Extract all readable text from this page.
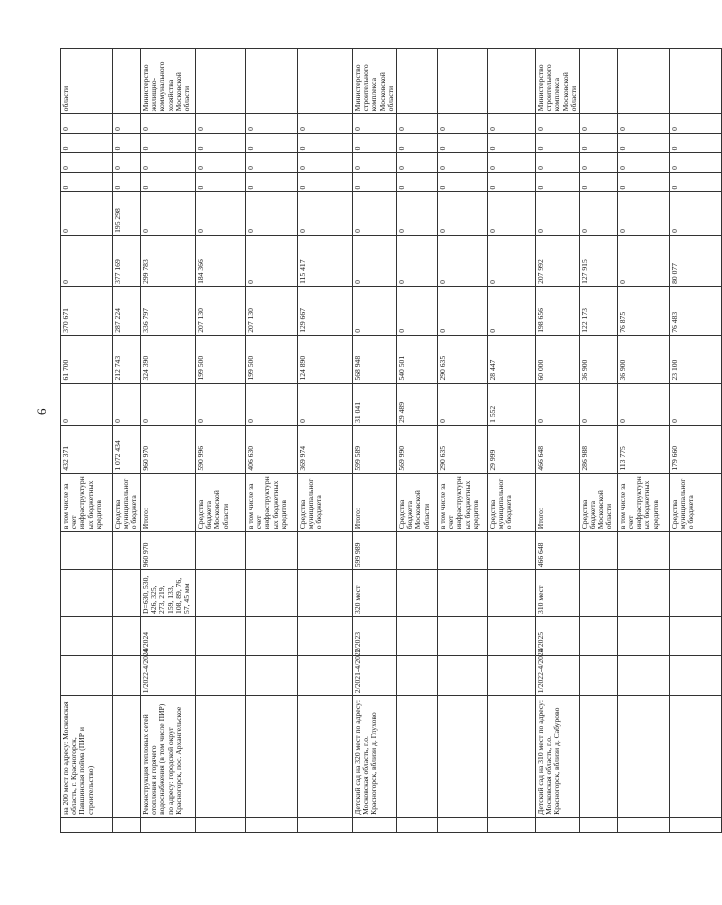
6
	на 200 мест по адресу: Московская область, г. Красногорск, Павшинская пойма (ПИР и строительство)					в том числе за счет инфраструктурных бюджетных кредитов	432 371	0	61 700	370 671	0	0	0	0	0	0	области
						Средства муниципального бюджета	1 072 434	0	212 743	287 224	377 169	195 298	0	0	0	0	
	Реконструкция тепловых сетей отопления и горячего водоснабжения (в том числе ПИР) по адресу: городской округ Красногорск, пос. Архангельское	1/2022-4/2024	4/2024	D=630, 530, 426, 325, 273, 219, 159, 133, 108, 89, 76, 57, 45 мм	960 970	Итого:	960 970	0	324 390	336 797	299 783	0	0	0	0	0	Министерство жилищно-коммунального хозяйства Московской области
						Средства бюджета Московской области	590 996	0	199 500	207 130	184 366	0	0	0	0	0	
						в том числе за счет инфраструктурных бюджетных кредитов	406 630	0	199 500	207 130	0	0	0	0	0	0	
						Средства муниципального бюджета	369 974	0	124 890	129 667	115 417	0	0	0	0	0	
	Детский сад на 320 мест по адресу: Московская область, г.о. Красногорск, вблизи д. Глухово	2/2021-4/2022	1/2023	320 мест	599 989	Итого:	599 589	31 041	568 948	0	0	0	0	0	0	0	Министерство строительного комплекса Московской области
						Средства бюджета Московской области	569 990	29 489	540 501	0	0	0	0	0	0	0	
						в том числе за счет инфраструктурных бюджетных кредитов	290 635	0	290 635	0	0	0	0	0	0	0	
						Средства муниципального бюджета	29 999	1 552	28 447	0	0	0	0	0	0	0	
	Детский сад на 310 мест по адресу: Московская область, г.о. Красногорск, вблизи д. Сабурово	1/2022-4/2024	1/2025	310 мест	466 648	Итого:	466 648	0	60 000	198 656	207 992	0	0	0	0	0	Министерство строительного комплекса Московской области
						Средства бюджета Московской области	286 988	0	36 900	122 173	127 915	0	0	0	0	0	
						в том числе за счет инфраструктурных бюджетных кредитов	113 775	0	36 900	76 875	0	0	0	0	0	0	
						Средства муниципального бюджета	179 660	0	23 100	76 483	80 077	0	0	0	0	0	
